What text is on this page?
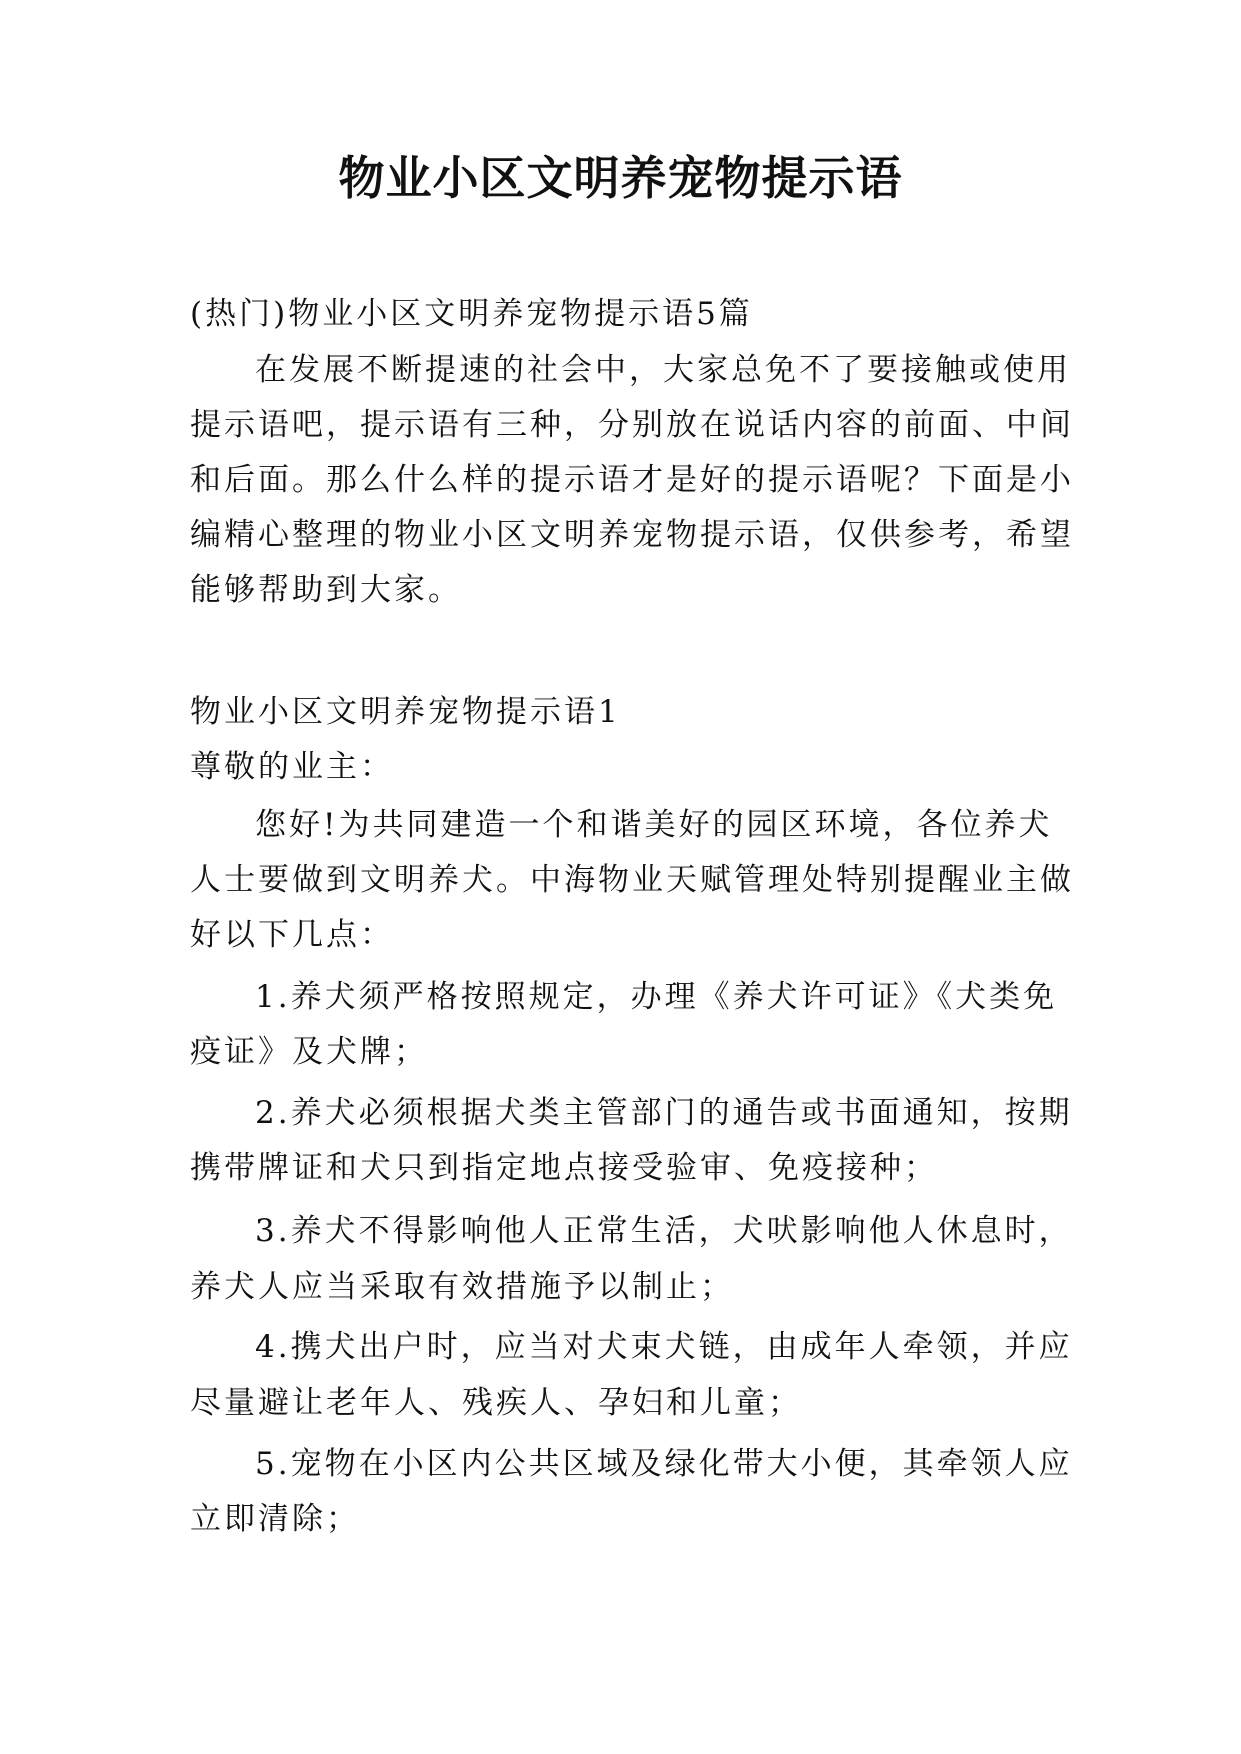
物业小区文明养宠物提示语
(热门)物业小区文明养宠物提示语5篇
在发展不断提速的社会中，大家总免不了要接触或使用
提示语吧，提示语有三种，分别放在说话内容的前面、中间
和后面。那么什么样的提示语才是好的提示语呢？下面是小
编精心整理的物业小区文明养宠物提示语，仅供参考，希望
能够帮助到大家。
物业小区文明养宠物提示语1
尊敬的业主：
您好!为共同建造一个和谐美好的园区环境，各位养犬
人士要做到文明养犬。中海物业天赋管理处特别提醒业主做
好以下几点：
1.养犬须严格按照规定，办理《养犬许可证》《犬类免
疫证》及犬牌；
2.养犬必须根据犬类主管部门的通告或书面通知，按期
携带牌证和犬只到指定地点接受验审、免疫接种；
3.养犬不得影响他人正常生活，犬吠影响他人休息时，
养犬人应当采取有效措施予以制止；
4.携犬出户时，应当对犬束犬链，由成年人牵领，并应
尽量避让老年人、残疾人、孕妇和儿童；
5.宠物在小区内公共区域及绿化带大小便，其牵领人应
立即清除；
